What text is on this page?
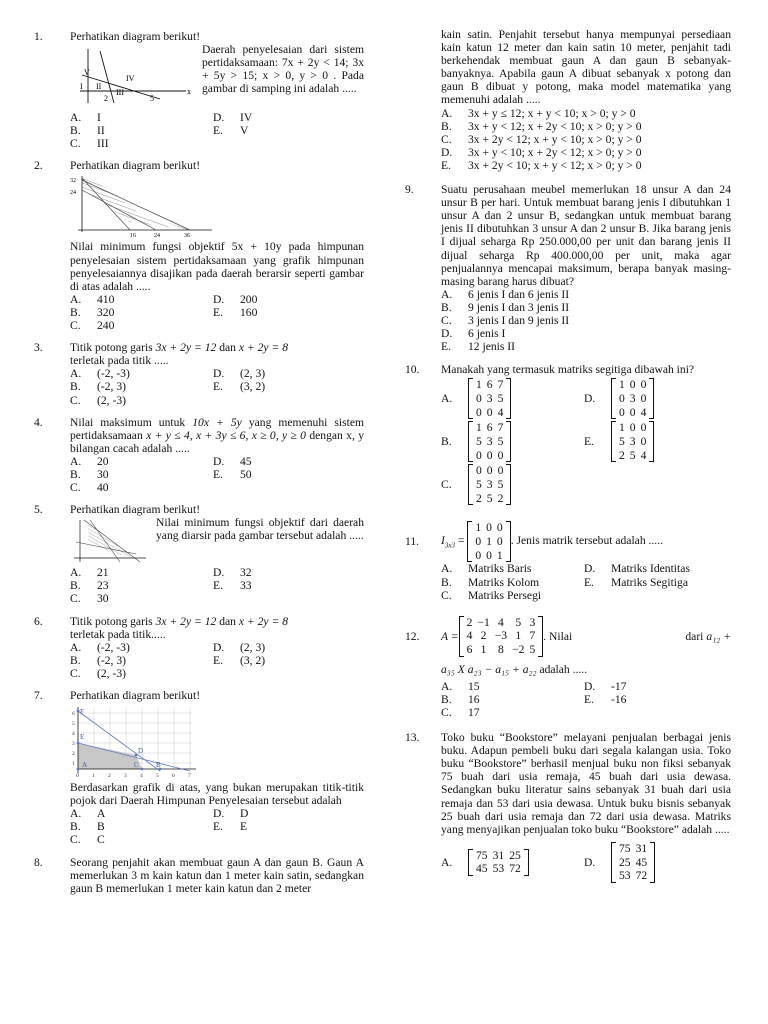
1.	Perhatikan diagram berikut!
V
IV
III
II
I
2	5
x
Daerah penyelesaian dari sistem pertidaksamaan: 7x + 2y < 14; 3x + 5y > 15; x > 0, y > 0 . Pada gambar di samping ini adalah .....
A.	I	D.	IV
B.	II	E.	V
C.	III
2.	Perhatikan diagram berikut!
32
24
16	24	36
Nilai minimum fungsi objektif 5x + 10y pada himpunan penyelesaian sistem pertidaksamaan yang grafik himpunan penyelesaiannya disajikan pada daerah berarsir seperti gambar di atas adalah .....
A.	410	D.	200
B.	320	E.	160
C.	240
3.	Titik potong garis 3x + 2y = 12 dan x + 2y = 8
terletak pada titik .....
A.	(-2, -3)	D.	(2, 3)
B.	(-2, 3)	E.	(3, 2)
C.	(2, -3)
4.	Nilai maksimum untuk 10x + 5y yang memenuhi sistem pertidaksamaan x + y ≤ 4, x + 3y ≤ 6, x ≥ 0, y ≥ 0 dengan x, y bilangan cacah adalah .....
A.	20	D.	45
B.	30	E.	50
C.	40
5.	Perhatikan diagram berikut!
Nilai minimum fungsi objektif dari daerah yang diarsir pada gambar tersebut adalah .....
A.	21	D.	32
B.	23	E.	33
C.	30
6.	Titik potong garis 3x + 2y = 12 dan x + 2y = 8
terletak pada titik.....
A.	(-2, -3)	D.	(2, 3)
B.	(-2, 3)	E.	(3, 2)
C.	(2, -3)
7.	Perhatikan diagram berikut!
F
E
D
C B
A
6
5
4
3
2
1
0 1 2 3 4 5 6 7
Berdasarkan grafik di atas, yang bukan merupakan titik-titik pojok dari Daerah Himpunan Penyelesaian tersebut adalah
A.	A	D.	D
B.	B	E.	E
C.	C
8.	Seorang penjahit akan membuat gaun A dan gaun B. Gaun A memerlukan 3 m kain katun dan 1 meter kain satin, sedangkan gaun B memerlukan 1 meter kain katun dan 2 meter
kain satin. Penjahit tersebut hanya mempunyai persediaan kain katun 12 meter dan kain satin 10 meter, penjahit tadi berkehendak membuat gaun A dan gaun B sebanyak-banyaknya. Apabila gaun A dibuat sebanyak x potong dan gaun B dibuat y potong, maka model matematika yang memenuhi adalah .....
A.	3x + y ≤ 12; x + y < 10; x > 0; y > 0
B.	3x + y < 12; x + 2y < 10; x > 0; y > 0
C.	3x + 2y < 12; x + y < 10; x > 0; y > 0
D.	3x + y < 10; x + 2y < 12; x > 0; y > 0
E.	3x + 2y < 10; x + y < 12; x > 0; y > 0
9.	Suatu perusahaan meubel memerlukan 18 unsur A dan 24 unsur B per hari. Untuk membuat barang jenis I dibutuhkan 1 unsur A dan 2 unsur B, sedangkan untuk membuat barang jenis II dibutuhkan 3 unsur A dan 2 unsur B. Jika barang jenis I dijual seharga Rp 250.000,00 per unit dan barang jenis II dijual seharga Rp 400.000,00 per unit, maka agar penjualannya mencapai maksimum, berapa banyak masing-masing barang harus dibuat?
A.	6 jenis I dan 6 jenis II
B.	9 jenis I dan 3 jenis II
C.	3 jenis I dan 9 jenis II
D.	6 jenis I
E.	12 jenis II
10.	Manakah yang termasuk matriks segitiga dibawah ini?
A.
1 6 7
0 3 5
0 0 4
D.
1 0 0
0 3 0
0 0 4
B.
1 6 7
5 3 5
0 0 0
E.
1 0 0
5 3 0
2 5 4
C.
0 0 0
5 3 5
2 5 2
11.	$I_{3x3}$ =
1 0 0
0 1 0
0 0 1
. Jenis matrik tersebut adalah .....
A.	Matriks Baris	D.	Matriks Identitas
B.	Matriks Kolom	E.	Matriks Segitiga
C.	Matriks Persegi
12.	A =
2 −1 4 5 3
4 2 −3 1 7
6 1 8 −2 5
. Nilai	dari a₁₂ +
a₃₅ X a₂₃ − a₁₅ + a₂₂ adalah .....
A.	15	D.	-17
B.	16	E.	-16
C.	17
13.	Toko buku “Bookstore” melayani penjualan berbagai jenis buku. Adapun pembeli buku dari segala kalangan usia. Toko buku “Bookstore” berhasil menjual buku non fiksi sebanyak 75 buah dari usia remaja, 45 buah dari usia dewasa. Sedangkan buku literatur sains sebanyak 31 buah dari usia remaja dan 53 dari usia dewasa. Untuk buku bisnis sebanyak 25 buah dari usia remaja dan 72 dari usia dewasa. Matriks yang menyajikan penjualan toko buku “Bookstore” adalah .....
A.
75 31 25
45 53 72
D.
75 31
25 45
53 72
